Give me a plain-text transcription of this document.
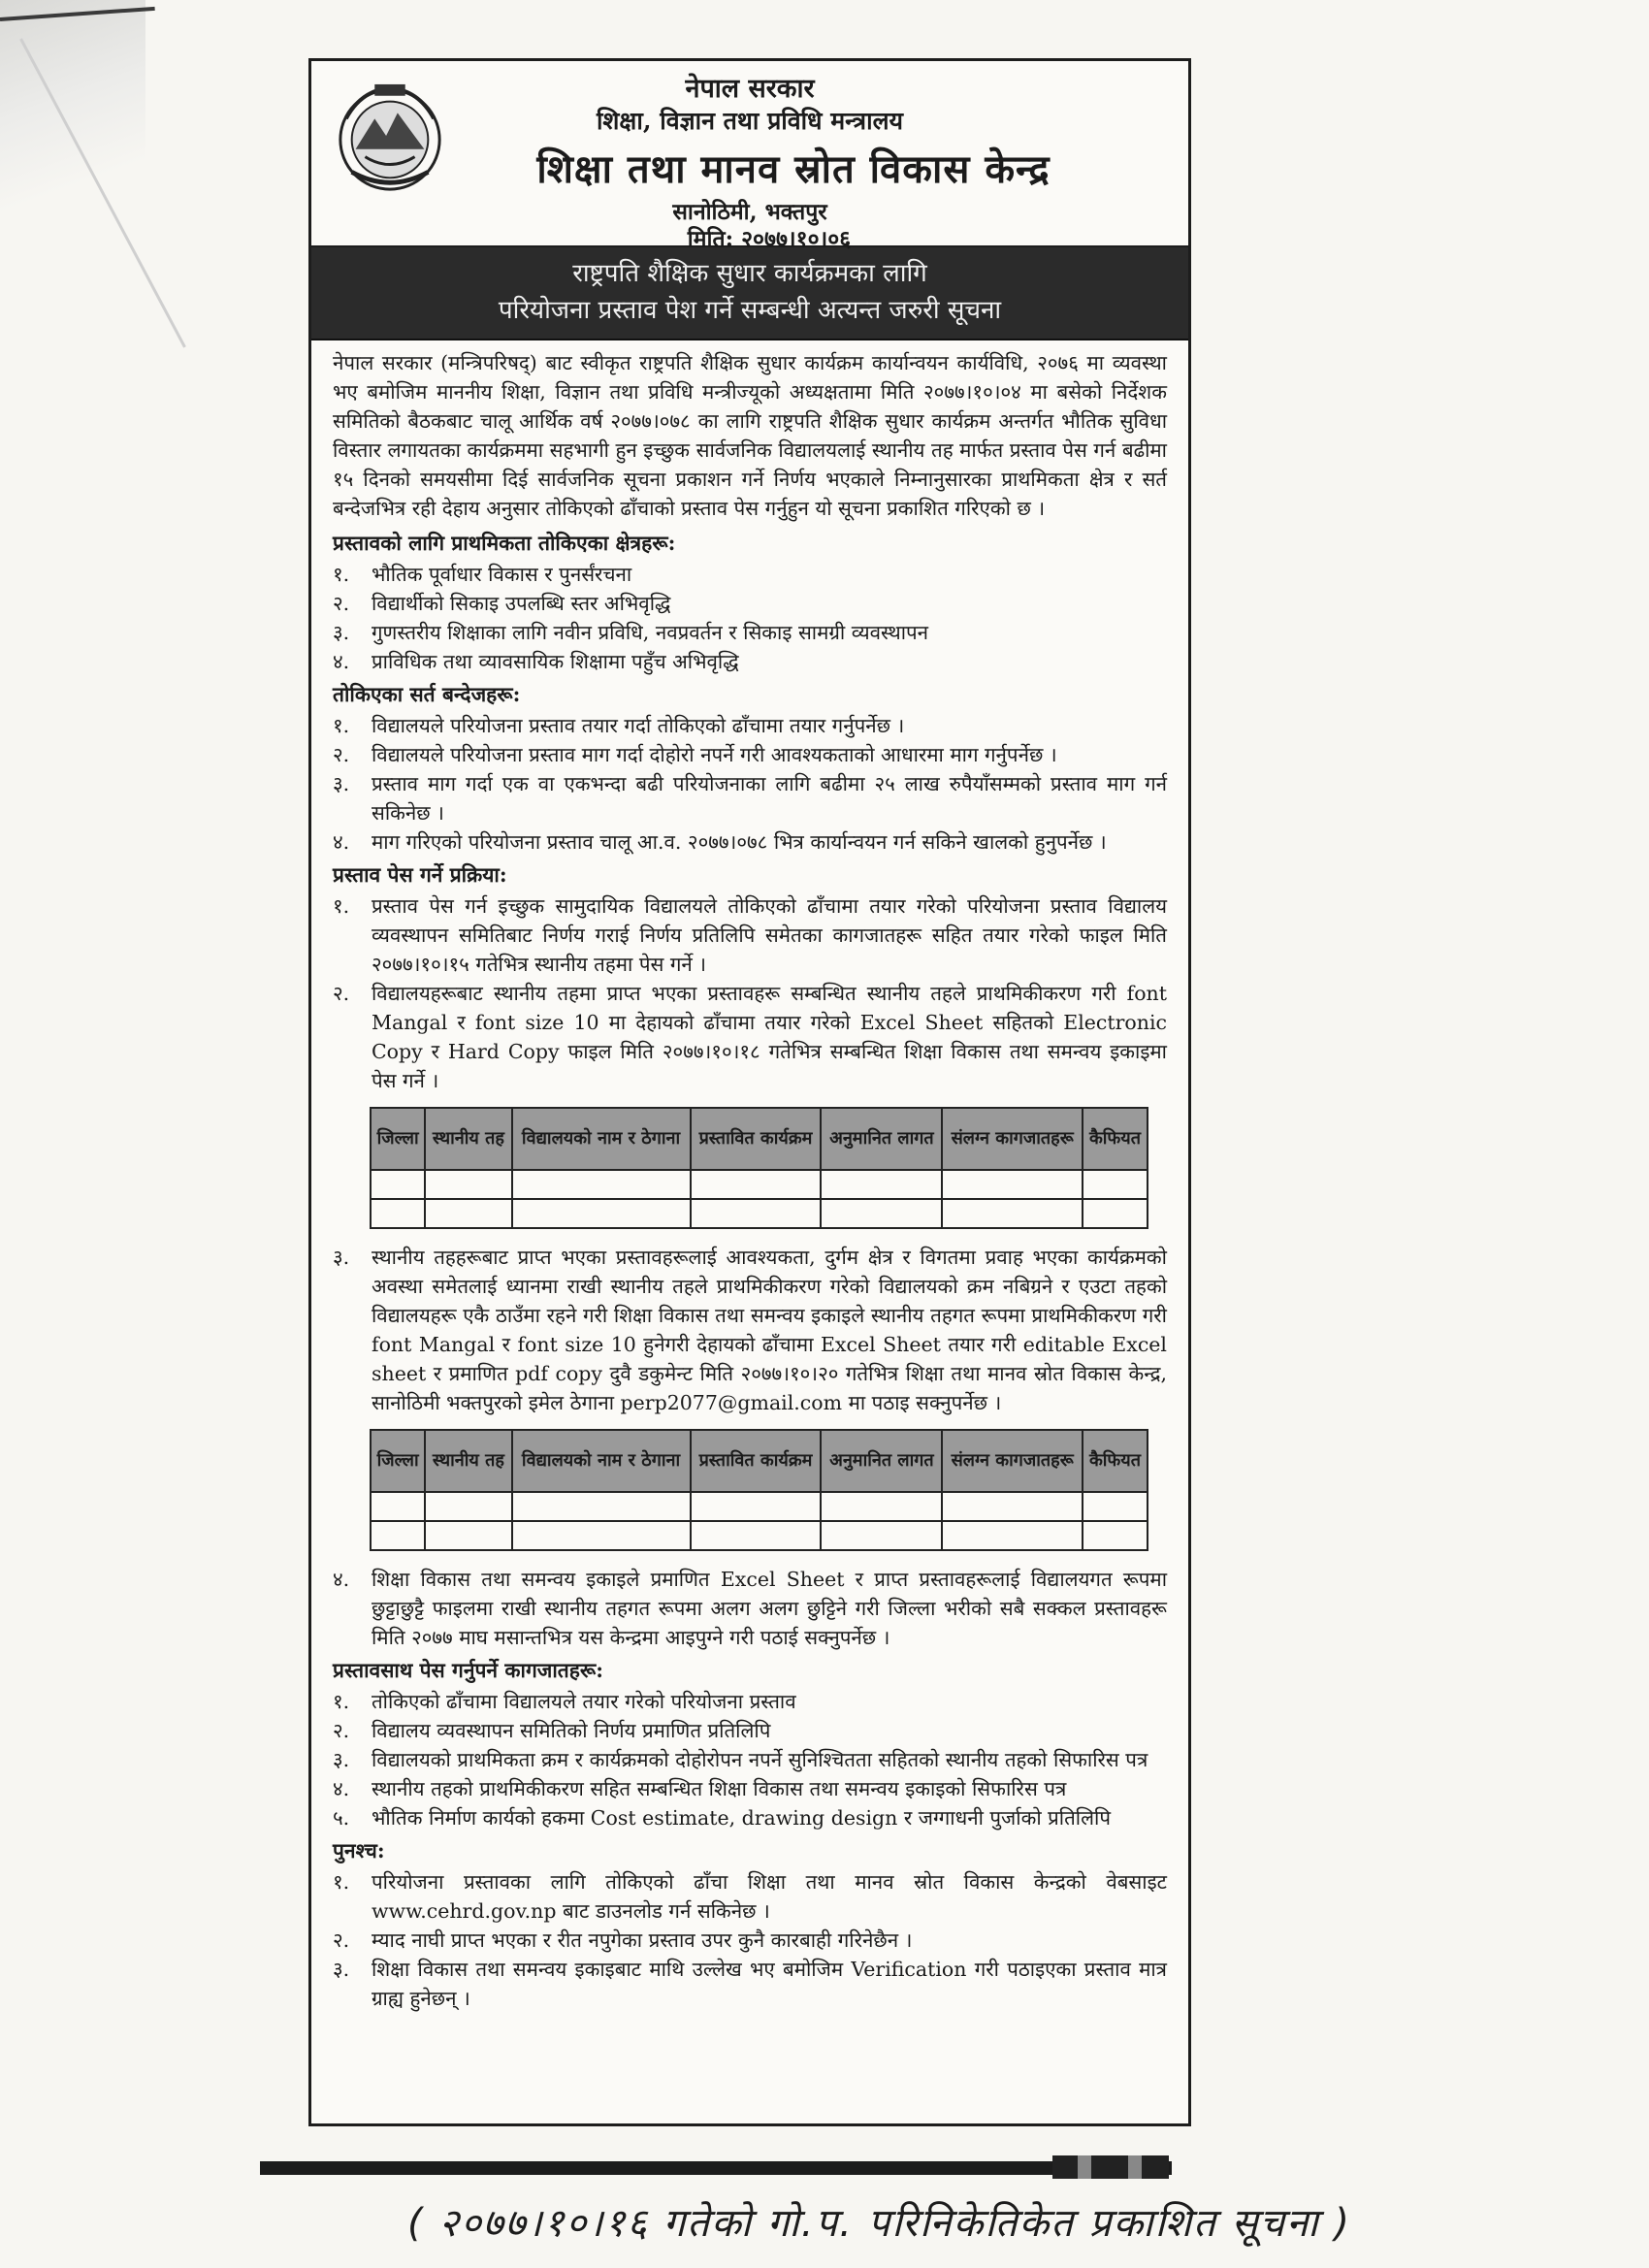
नेपाल सरकार
शिक्षा, विज्ञान तथा प्रविधि मन्त्रालय
शिक्षा तथा मानव स्रोत विकास केन्द्र
सानोठिमी, भक्तपुर
मिति: २०७७।१०।०६
राष्ट्रपति शैक्षिक सुधार कार्यक्रमका लागि
परियोजना प्रस्ताव पेश गर्ने सम्बन्धी अत्यन्त जरुरी सूचना

नेपाल सरकार (मन्त्रिपरिषद्) बाट स्वीकृत राष्ट्रपति शैक्षिक सुधार कार्यक्रम कार्यान्वयन कार्यविधि, २०७६ मा व्यवस्था भए बमोजिम माननीय शिक्षा, विज्ञान तथा प्रविधि मन्त्रीज्यूको अध्यक्षतामा मिति २०७७।१०।०४ मा बसेको निर्देशक समितिको बैठकबाट चालू आर्थिक वर्ष २०७७।०७८ का लागि राष्ट्रपति शैक्षिक सुधार कार्यक्रम अन्तर्गत भौतिक सुविधा विस्तार लगायतका कार्यक्रममा सहभागी हुन इच्छुक सार्वजनिक विद्यालयलाई स्थानीय तह मार्फत प्रस्ताव पेस गर्न बढीमा १५ दिनको समयसीमा दिई सार्वजनिक सूचना प्रकाशन गर्ने निर्णय भएकाले निम्नानुसारका प्राथमिकता क्षेत्र र सर्त बन्देजभित्र रही देहाय अनुसार तोकिएको ढाँचाको प्रस्ताव पेस गर्नुहुन यो सूचना प्रकाशित गरिएको छ ।

प्रस्तावको लागि प्राथमिकता तोकिएका क्षेत्रहरू:
१.	भौतिक पूर्वाधार विकास र पुनर्संरचना
२.	विद्यार्थीको सिकाइ उपलब्धि स्तर अभिवृद्धि
३.	गुणस्तरीय शिक्षाका लागि नवीन प्रविधि, नवप्रवर्तन र सिकाइ सामग्री व्यवस्थापन
४.	प्राविधिक तथा व्यावसायिक शिक्षामा पहुँच अभिवृद्धि
तोकिएका सर्त बन्देजहरू:
१.	विद्यालयले परियोजना प्रस्ताव तयार गर्दा तोकिएको ढाँचामा तयार गर्नुपर्नेछ ।
२.	विद्यालयले परियोजना प्रस्ताव माग गर्दा दोहोरो नपर्ने गरी आवश्यकताको आधारमा माग गर्नुपर्नेछ ।
३.	प्रस्ताव माग गर्दा एक वा एकभन्दा बढी परियोजनाका लागि बढीमा २५ लाख रुपैयाँसम्मको प्रस्ताव माग गर्न सकिनेछ ।
४.	माग गरिएको परियोजना प्रस्ताव चालू आ.व. २०७७।०७८ भित्र कार्यान्वयन गर्न सकिने खालको हुनुपर्नेछ ।
प्रस्ताव पेस गर्ने प्रक्रिया:
१.	प्रस्ताव पेस गर्न इच्छुक सामुदायिक विद्यालयले तोकिएको ढाँचामा तयार गरेको परियोजना प्रस्ताव विद्यालय व्यवस्थापन समितिबाट निर्णय गराई निर्णय प्रतिलिपि समेतका कागजातहरू सहित तयार गरेको फाइल मिति २०७७।१०।१५ गतेभित्र स्थानीय तहमा पेस गर्ने ।
२.	विद्यालयहरूबाट स्थानीय तहमा प्राप्त भएका प्रस्तावहरू सम्बन्धित स्थानीय तहले प्राथमिकीकरण गरी font Mangal र font size 10 मा देहायको ढाँचामा तयार गरेको Excel Sheet सहितको Electronic Copy र Hard Copy फाइल मिति २०७७।१०।१८ गतेभित्र सम्बन्धित शिक्षा विकास तथा समन्वय इकाइमा पेस गर्ने ।
जिल्ला	स्थानीय तह	विद्यालयको नाम र ठेगाना	प्रस्तावित कार्यक्रम	अनुमानित लागत	संलग्न कागजातहरू	कैफियत

३.	स्थानीय तहहरूबाट प्राप्त भएका प्रस्तावहरूलाई आवश्यकता, दुर्गम क्षेत्र र विगतमा प्रवाह भएका कार्यक्रमको अवस्था समेतलाई ध्यानमा राखी स्थानीय तहले प्राथमिकीकरण गरेको विद्यालयको क्रम नबिग्रने र एउटा तहको विद्यालयहरू एकै ठाउँमा रहने गरी शिक्षा विकास तथा समन्वय इकाइले स्थानीय तहगत रूपमा प्राथमिकीकरण गरी font Mangal र font size 10 हुनेगरी देहायको ढाँचामा Excel Sheet तयार गरी editable Excel sheet र प्रमाणित pdf copy दुवै डकुमेन्ट मिति २०७७।१०।२० गतेभित्र शिक्षा तथा मानव स्रोत विकास केन्द्र, सानोठिमी भक्तपुरको इमेल ठेगाना perp2077@gmail.com मा पठाइ सक्नुपर्नेछ ।
जिल्ला	स्थानीय तह	विद्यालयको नाम र ठेगाना	प्रस्तावित कार्यक्रम	अनुमानित लागत	संलग्न कागजातहरू	कैफियत

४.	शिक्षा विकास तथा समन्वय इकाइले प्रमाणित Excel Sheet र प्राप्त प्रस्तावहरूलाई विद्यालयगत रूपमा छुट्टाछुट्टै फाइलमा राखी स्थानीय तहगत रूपमा अलग अलग छुट्टिने गरी जिल्ला भरीको सबै सक्कल प्रस्तावहरू मिति २०७७ माघ मसान्तभित्र यस केन्द्रमा आइपुग्ने गरी पठाई सक्नुपर्नेछ ।
प्रस्तावसाथ पेस गर्नुपर्ने कागजातहरू:
१.	तोकिएको ढाँचामा विद्यालयले तयार गरेको परियोजना प्रस्ताव
२.	विद्यालय व्यवस्थापन समितिको निर्णय प्रमाणित प्रतिलिपि
३.	विद्यालयको प्राथमिकता क्रम र कार्यक्रमको दोहोरोपन नपर्ने सुनिश्चितता सहितको स्थानीय तहको सिफारिस पत्र
४.	स्थानीय तहको प्राथमिकीकरण सहित सम्बन्धित शिक्षा विकास तथा समन्वय इकाइको सिफारिस पत्र
५.	भौतिक निर्माण कार्यको हकमा Cost estimate, drawing design र जग्गाधनी पुर्जाको प्रतिलिपि
पुनश्च:
१.	परियोजना प्रस्तावका लागि तोकिएको ढाँचा शिक्षा तथा मानव स्रोत विकास केन्द्रको वेबसाइट www.cehrd.gov.np बाट डाउनलोड गर्न सकिनेछ ।
२.	म्याद नाघी प्राप्त भएका र रीत नपुगेका प्रस्ताव उपर कुनै कारबाही गरिनेछैन ।
३.	शिक्षा विकास तथा समन्वय इकाइबाट माथि उल्लेख भए बमोजिम Verification गरी पठाइएका प्रस्ताव मात्र ग्राह्य हुनेछन् ।
( २०७७।१०।१६ गतेको गो.प. परिनिकेतिकेत प्रकाशित सूचना )
